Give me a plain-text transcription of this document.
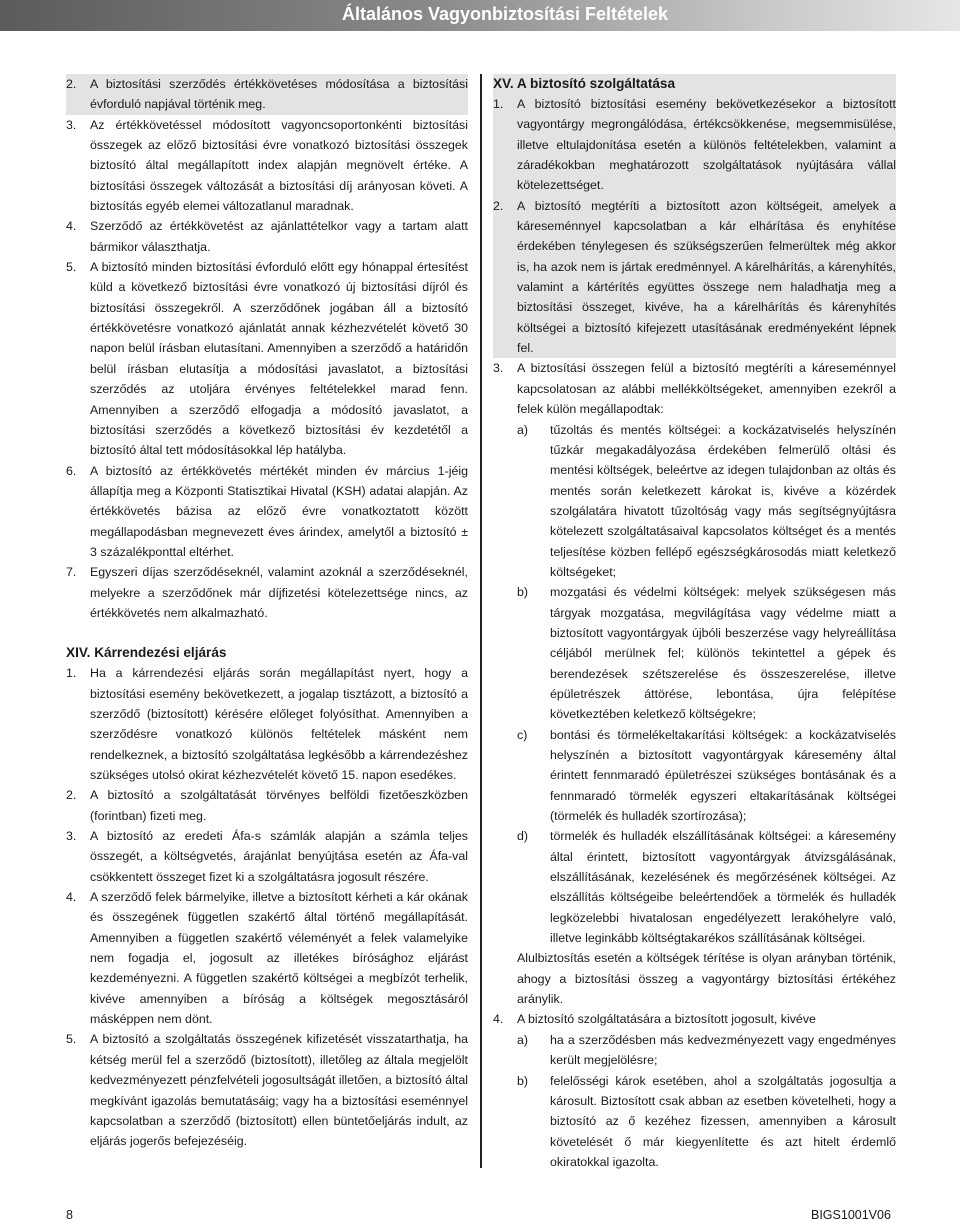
Általános Vagyonbiztosítási Feltételek
2.	A biztosítási szerződés értékkövetéses módosítása a biztosítási évforduló napjával történik meg.
3.	Az értékkövetéssel módosított vagyoncsoportonkénti biztosítási összegek az előző biztosítási évre vonatkozó biztosítási összegek biztosító által megállapított index alapján megnövelt értéke. A biztosítási összegek változását a biztosítási díj arányosan követi. A biztosítás egyéb elemei változatlanul maradnak.
4.	Szerződő az értékkövetést az ajánlattételkor vagy a tartam alatt bármikor választhatja.
5.	A biztosító minden biztosítási évforduló előtt egy hónappal értesítést küld a következő biztosítási évre vonatkozó új biztosítási díjról és biztosítási összegekről. A szerződőnek jogában áll a biztosító értékkövetésre vonatkozó ajánlatát annak kézhezvételét követő 30 napon belül írásban elutasítani. Amennyiben a szerződő a határidőn belül írásban elutasítja a módosítási javaslatot, a biztosítási szerződés az utoljára érvényes feltételekkel marad fenn. Amennyiben a szerződő elfogadja a módosító javaslatot, a biztosítási szerződés a következő biztosítási év kezdetétől a biztosító által tett módosításokkal lép hatályba.
6.	A biztosító az értékkövetés mértékét minden év március 1-jéig állapítja meg a Központi Statisztikai Hivatal (KSH) adatai alapján. Az értékkövetés bázisa az előző évre vonatkoztatott között megállapodásban megnevezett éves árindex, amelytől a biztosító ± 3 százalékponttal eltérhet.
7.	Egyszeri díjas szerződéseknél, valamint azoknál a szerződéseknél, melyekre a szerződőnek már díjfizetési kötelezettsége nincs, az értékkövetés nem alkalmazható.
XIV. Kárrendezési eljárás
1.	Ha a kárrendezési eljárás során megállapítást nyert, hogy a biztosítási esemény bekövetkezett, a jogalap tisztázott, a biztosító a szerződő (biztosított) kérésére előleget folyósíthat. Amennyiben a szerződésre vonatkozó különös feltételek másként nem rendelkeznek, a biztosító szolgáltatása legkésőbb a kárrendezéshez szükséges utolsó okirat kézhezvételét követő 15. napon esedékes.
2.	A biztosító a szolgáltatását törvényes belföldi fizetőeszközben (forintban) fizeti meg.
3.	A biztosító az eredeti Áfa-s számlák alapján a számla teljes összegét, a költségvetés, árajánlat benyújtása esetén az Áfa-val csökkentett összeget fizet ki a szolgáltatásra jogosult részére.
4.	A szerződő felek bármelyike, illetve a biztosított kérheti a kár okának és összegének független szakértő által történő megállapítását. Amennyiben a független szakértő véleményét a felek valamelyike nem fogadja el, jogosult az illetékes bírósághoz eljárást kezdeményezni. A független szakértő költségei a megbízót terhelik, kivéve amennyiben a bíróság a költségek megosztásáról másképpen nem dönt.
5.	A biztosító a szolgáltatás összegének kifizetését visszatarthatja, ha kétség merül fel a szerződő (biztosított), illetőleg az általa megjelölt kedvezményezett pénzfelvételi jogosultságát illetően, a biztosító által megkívánt igazolás bemutatásáig; vagy ha a biztosítási eseménnyel kapcsolatban a szerződő (biztosított) ellen büntetőeljárás indult, az eljárás jogerős befejezéséig.
XV. A biztosító szolgáltatása
1.	A biztosító biztosítási esemény bekövetkezésekor a biztosított vagyontárgy megrongálódása, értékcsökkenése, megsemmisülése, illetve eltulajdonítása esetén a különös feltételekben, valamint a záradékokban meghatározott szolgáltatások nyújtására vállal kötelezettséget.
2.	A biztosító megtéríti a biztosított azon költségeit, amelyek a káreseménnyel kapcsolatban a kár elhárítása és enyhítése érdekében ténylegesen és szükségszerűen felmerültek még akkor is, ha azok nem is jártak eredménnyel. A kárelhárítás, a kárenyhítés, valamint a kártérítés együttes összege nem haladhatja meg a biztosítási összeget, kivéve, ha a kárelhárítás és kárenyhítés költségei a biztosító kifejezett utasításának eredményeként lépnek fel.
3.	A biztosítási összegen felül a biztosító megtéríti a káreseménnyel kapcsolatosan az alábbi mellékköltségeket, amennyiben ezekről a felek külön megállapodtak:
a)	tűzoltás és mentés költségei: a kockázatviselés helyszínén tűzkár megakadályozása érdekében felmerülő oltási és mentési költségek, beleértve az idegen tulajdonban az oltás és mentés során keletkezett károkat is, kivéve a közérdek szolgálatára hivatott tűzoltóság vagy más segítségnyújtásra kötelezett szolgáltatásaival kapcsolatos költséget és a mentés teljesítése közben fellépő egészségkárosodás miatt keletkező költségeket;
b)	mozgatási és védelmi költségek: melyek szükségesen más tárgyak mozgatása, megvilágítása vagy védelme miatt a biztosított vagyontárgyak újbóli beszerzése vagy helyreállítása céljából merülnek fel; különös tekintettel a gépek és berendezések szétszerelése és összeszerelése, illetve épületrészek áttörése, lebontása, újra felépítése következtében keletkező költségekre;
c)	bontási és törmelékeltakarítási költségek: a kockázatviselés helyszínén a biztosított vagyontárgyak káresemény által érintett fennmaradó épületrészei szükséges bontásának és a fennmaradó törmelék egyszeri eltakarításának költségei (törmelék és hulladék szortírozása);
d)	törmelék és hulladék elszállításának költségei: a káresemény által érintett, biztosított vagyontárgyak átvizsgálásának, elszállításának, kezelésének és megőrzésének költségei. Az elszállítás költségeibe beleértendőek a törmelék és hulladék legközelebbi hivatalosan engedélyezett lerakóhelyre való, illetve leginkább költségtakarékos szállításának költségei.
Alulbiztosítás esetén a költségek térítése is olyan arányban történik, ahogy a biztosítási összeg a vagyontárgy biztosítási értékéhez aránylik.
4.	A biztosító szolgáltatására a biztosított jogosult, kivéve
a)	ha a szerződésben más kedvezményezett vagy engedményes került megjelölésre;
b)	felelősségi károk esetében, ahol a szolgáltatás jogosultja a károsult. Biztosított csak abban az esetben követelheti, hogy a biztosító az ő kezéhez fizessen, amennyiben a károsult követelését ő már kiegyenlítette és azt hitelt érdemlő okiratokkal igazolta.
8	BIGS1001V06
